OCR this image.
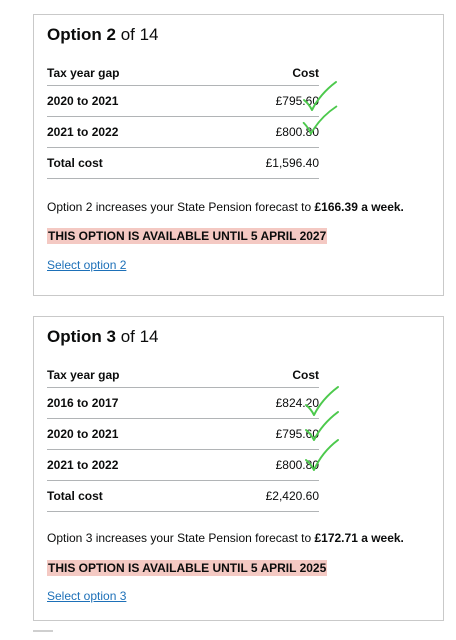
Option 2 of 14
Tax year gap	Cost
2020 to 2021	£795.60
2021 to 2022	£800.80
Total cost	£1,596.40
Option 2 increases your State Pension forecast to £166.39 a week.
THIS OPTION IS AVAILABLE UNTIL 5 APRIL 2027
Select option 2
Option 3 of 14
Tax year gap	Cost
2016 to 2017	£824.20
2020 to 2021	£795.60
2021 to 2022	£800.80
Total cost	£2,420.60
Option 3 increases your State Pension forecast to £172.71 a week.
THIS OPTION IS AVAILABLE UNTIL 5 APRIL 2025
Select option 3
